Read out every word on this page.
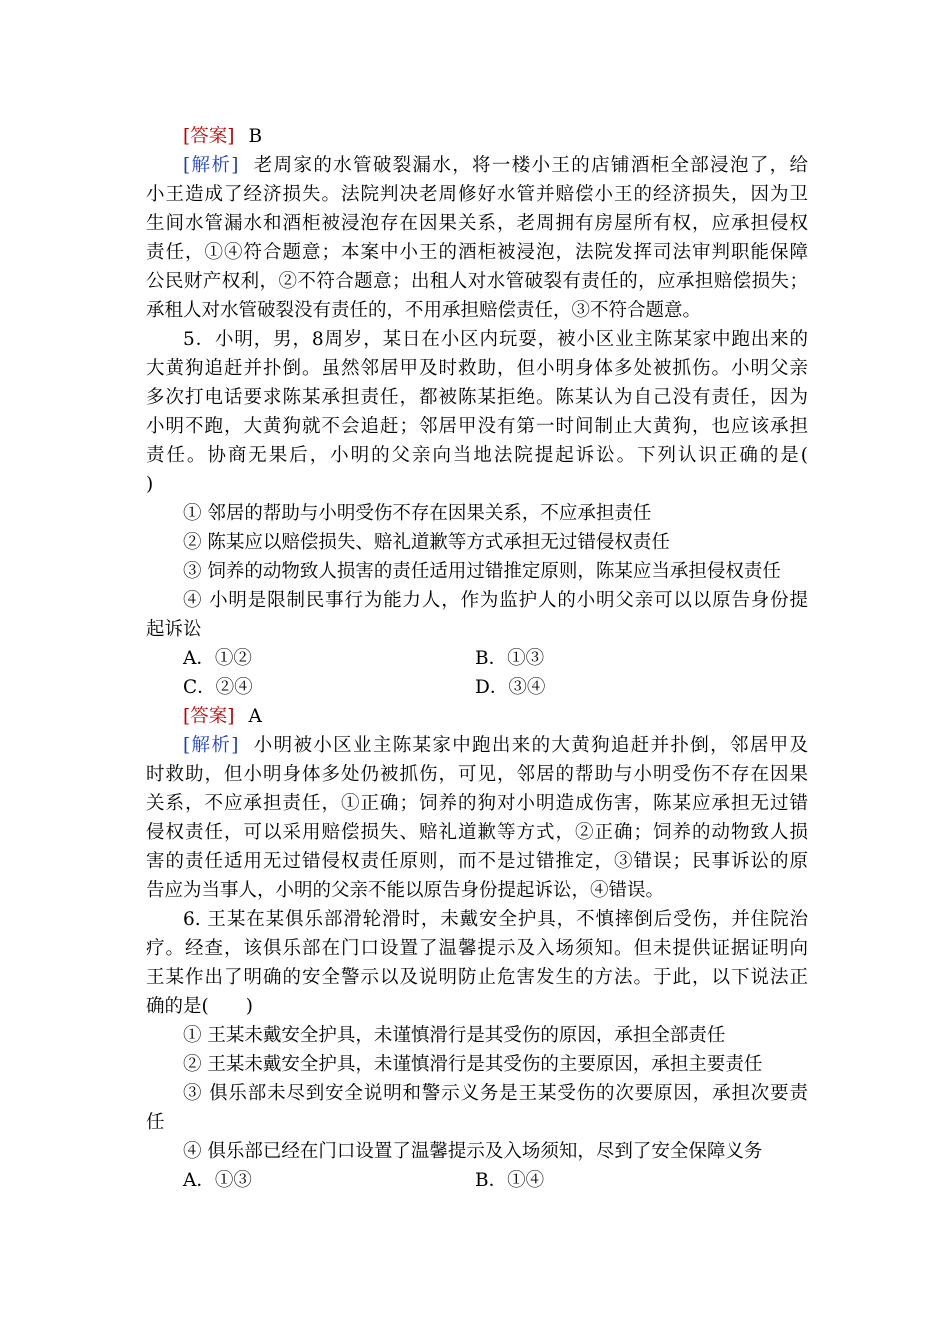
[答案] B
[解析] 老周家的水管破裂漏水，将一楼小王的店铺酒柜全部浸泡了，给
小王造成了经济损失。法院判决老周修好水管并赔偿小王的经济损失，因为卫
生间水管漏水和酒柜被浸泡存在因果关系，老周拥有房屋所有权，应承担侵权
责任，①④符合题意；本案中小王的酒柜被浸泡，法院发挥司法审判职能保障
公民财产权利，②不符合题意；出租人对水管破裂有责任的，应承担赔偿损失；
承租人对水管破裂没有责任的，不用承担赔偿责任，③不符合题意。
5．小明，男，8周岁，某日在小区内玩耍，被小区业主陈某家中跑出来的
大黄狗追赶并扑倒。虽然邻居甲及时救助，但小明身体多处被抓伤。小明父亲
多次打电话要求陈某承担责任，都被陈某拒绝。陈某认为自己没有责任，因为
小明不跑，大黄狗就不会追赶；邻居甲没有第一时间制止大黄狗，也应该承担
责任。协商无果后，小明的父亲向当地法院提起诉讼。下列认识正确的是(
)
① 邻居的帮助与小明受伤不存在因果关系，不应承担责任
② 陈某应以赔偿损失、赔礼道歉等方式承担无过错侵权责任
③ 饲养的动物致人损害的责任适用过错推定原则，陈某应当承担侵权责任
④ 小明是限制民事行为能力人，作为监护人的小明父亲可以以原告身份提
起诉讼
A．①②	B．①③
C．②④	D．③④
[答案] A
[解析] 小明被小区业主陈某家中跑出来的大黄狗追赶并扑倒，邻居甲及
时救助，但小明身体多处仍被抓伤，可见，邻居的帮助与小明受伤不存在因果
关系，不应承担责任，①正确；饲养的狗对小明造成伤害，陈某应承担无过错
侵权责任，可以采用赔偿损失、赔礼道歉等方式，②正确；饲养的动物致人损
害的责任适用无过错侵权责任原则，而不是过错推定，③错误；民事诉讼的原
告应为当事人，小明的父亲不能以原告身份提起诉讼，④错误。
6. 王某在某俱乐部滑轮滑时，未戴安全护具，不慎摔倒后受伤，并住院治
疗。经查，该俱乐部在门口设置了温馨提示及入场须知。但未提供证据证明向
王某作出了明确的安全警示以及说明防止危害发生的方法。于此，以下说法正
确的是(　　)
① 王某未戴安全护具，未谨慎滑行是其受伤的原因，承担全部责任
② 王某未戴安全护具，未谨慎滑行是其受伤的主要原因，承担主要责任
③ 俱乐部未尽到安全说明和警示义务是王某受伤的次要原因，承担次要责
任
④ 俱乐部已经在门口设置了温馨提示及入场须知，尽到了安全保障义务
A．①③	B．①④
